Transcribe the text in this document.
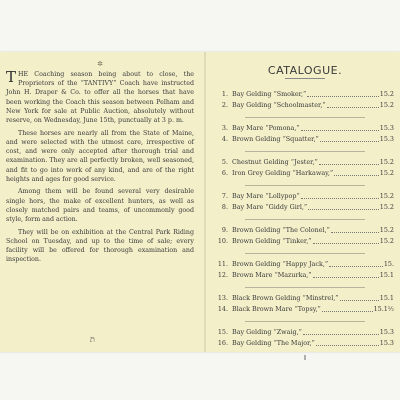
✲

THE Coaching season being about to close, the Proprietors of the “TANTIVY” Coach have instructed John H. Draper & Co. to offer all the horses that have been working the Coach this season between Pelham and New York for sale at Public Auction, absolutely without reserve, on Wednesday, June 15th, punctually at 3 p. m.

These horses are nearly all from the State of Maine, and were selected with the utmost care, irrespective of cost, and were only accepted after thorough trial and examination. They are all perfectly broken, well seasoned, and fit to go into work of any kind, and are of the right heights and ages for good service.

Among them will be found several very desirable single hors, the make of excellent hunters, as well as closely matched pairs and teams, of uncommonly good style, form and action.

They will be on exhibition at the Central Park Riding School on Tuesday, and up to the time of sale; every facility will be offered for thorough examination and inspection.

ת
CATALOGUE.
1. Bay Gelding “Smoker,”	15.2
2. Bay Gelding “Schoolmaster,”	15.2
3. Bay Mare “Pomona,”	15.3
4. Brown Gelding “Squatter,”	15.3
5. Chestnut Gelding “Jester,”	15.2
6. Iron Grey Gelding “Harkaway,”	15.2
7. Bay Mare “Lollypop”	15.2
8. Bay Mare “Giddy Girl,”	15.2
9. Brown Gelding “The Colonel,”	15.2
10. Brown Gelding “Tinker,”	15.2
11. Brown Gelding “Happy Jack,”	15.
12. Brown Mare “Mazurka,”	15.1
13. Black Brown Gelding “Minstrel,”	15.1
14. Black Brown Mare “Topsy,”	15.1½
15. Bay Gelding “Zwaig,”	15.3
16. Bay Gelding “The Major,”	15.3
ǁ
